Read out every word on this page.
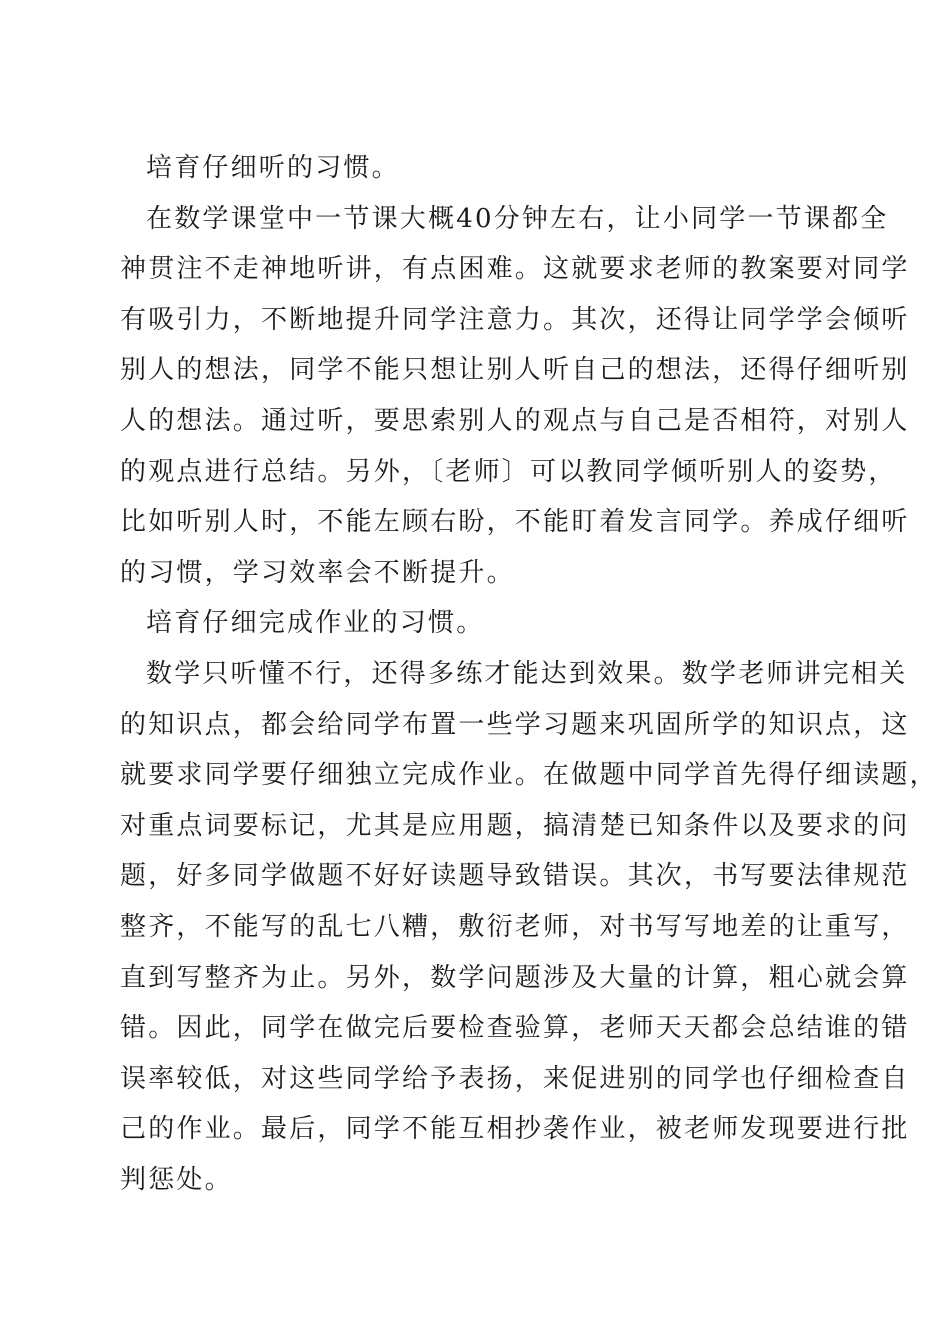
培育仔细听的习惯。

在数学课堂中一节课大概40分钟左右，让小同学一节课都全
神贯注不走神地听讲，有点困难。这就要求老师的教案要对同学
有吸引力，不断地提升同学注意力。其次，还得让同学学会倾听
别人的想法，同学不能只想让别人听自己的想法，还得仔细听别
人的想法。通过听，要思索别人的观点与自己是否相符，对别人
的观点进行总结。另外，〔老师〕可以教同学倾听别人的姿势，
比如听别人时，不能左顾右盼，不能盯着发言同学。养成仔细听
的习惯，学习效率会不断提升。

培育仔细完成作业的习惯。

数学只听懂不行，还得多练才能达到效果。数学老师讲完相关
的知识点，都会给同学布置一些学习题来巩固所学的知识点，这
就要求同学要仔细独立完成作业。在做题中同学首先得仔细读题，
对重点词要标记，尤其是应用题，搞清楚已知条件以及要求的问
题，好多同学做题不好好读题导致错误。其次，书写要法律规范
整齐，不能写的乱七八糟，敷衍老师，对书写写地差的让重写，
直到写整齐为止。另外，数学问题涉及大量的计算，粗心就会算
错。因此，同学在做完后要检查验算，老师天天都会总结谁的错
误率较低，对这些同学给予表扬，来促进别的同学也仔细检查自
己的作业。最后，同学不能互相抄袭作业，被老师发现要进行批
判惩处。
